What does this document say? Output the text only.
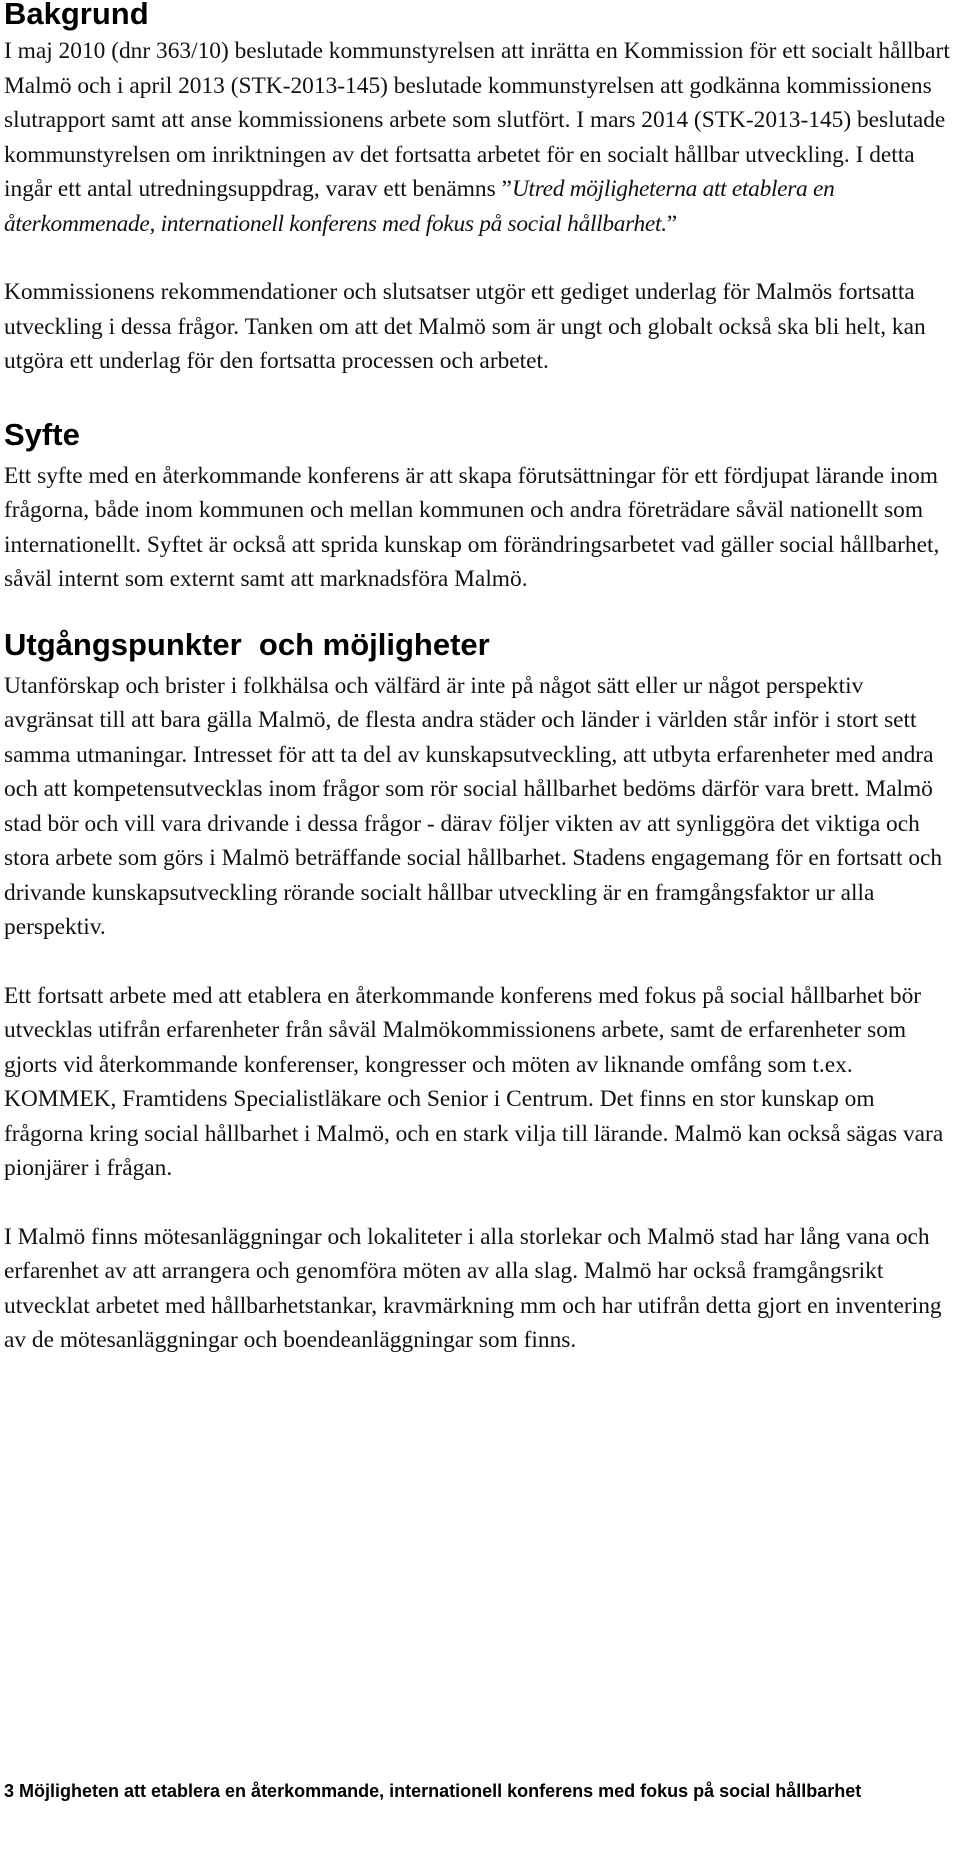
Bakgrund

I maj 2010 (dnr 363/10) beslutade kommunstyrelsen att inrätta en Kommission för ett socialt hållbart Malmö och i april 2013 (STK-2013-145) beslutade kommunstyrelsen att godkänna kommissionens slutrapport samt att anse kommissionens arbete som slutfört. I mars 2014 (STK-2013-145) beslutade kommunstyrelsen om inriktningen av det fortsatta arbetet för en socialt hållbar utveckling. I detta ingår ett antal utredningsuppdrag, varav ett benämns ”Utred möjligheterna att etablera en återkommenade, internationell konferens med fokus på social hållbarhet.”

Kommissionens rekommendationer och slutsatser utgör ett gediget underlag för Malmös fortsatta utveckling i dessa frågor. Tanken om att det Malmö som är ungt och globalt också ska bli helt, kan utgöra ett underlag för den fortsatta processen och arbetet.

Syfte

Ett syfte med en återkommande konferens är att skapa förutsättningar för ett fördjupat lärande inom frågorna, både inom kommunen och mellan kommunen och andra företrädare såväl nationellt som internationellt. Syftet är också att sprida kunskap om förändringsarbetet vad gäller social hållbarhet, såväl internt som externt samt att marknadsföra Malmö.

Utgångspunkter  och möjligheter

Utanförskap och brister i folkhälsa och välfärd är inte på något sätt eller ur något perspektiv avgränsat till att bara gälla Malmö, de flesta andra städer och länder i världen står inför i stort sett samma utmaningar. Intresset för att ta del av kunskapsutveckling, att utbyta erfarenheter med andra och att kompetensutvecklas inom frågor som rör social hållbarhet bedöms därför vara brett. Malmö stad bör och vill vara drivande i dessa frågor - därav följer vikten av att synliggöra det viktiga och stora arbete som görs i Malmö beträffande social hållbarhet. Stadens engagemang för en fortsatt och drivande kunskapsutveckling rörande socialt hållbar utveckling är en framgångsfaktor ur alla perspektiv.

Ett fortsatt arbete med att etablera en återkommande konferens med fokus på social hållbarhet bör utvecklas utifrån erfarenheter från såväl Malmökommissionens arbete, samt de erfarenheter som gjorts vid återkommande konferenser, kongresser och möten av liknande omfång som t.ex. KOMMEK, Framtidens Specialistläkare och Senior i Centrum. Det finns en stor kunskap om frågorna kring social hållbarhet i Malmö, och en stark vilja till lärande. Malmö kan också sägas vara pionjärer i frågan.

I Malmö finns mötesanläggningar och lokaliteter i alla storlekar och Malmö stad har lång vana och erfarenhet av att arrangera och genomföra möten av alla slag. Malmö har också framgångsrikt utvecklat arbetet med hållbarhetstankar, kravmärkning mm och har utifrån detta gjort en inventering av de mötesanläggningar och boendeanläggningar som finns.

3 Möjligheten att etablera en återkommande, internationell konferens med fokus på social hållbarhet
